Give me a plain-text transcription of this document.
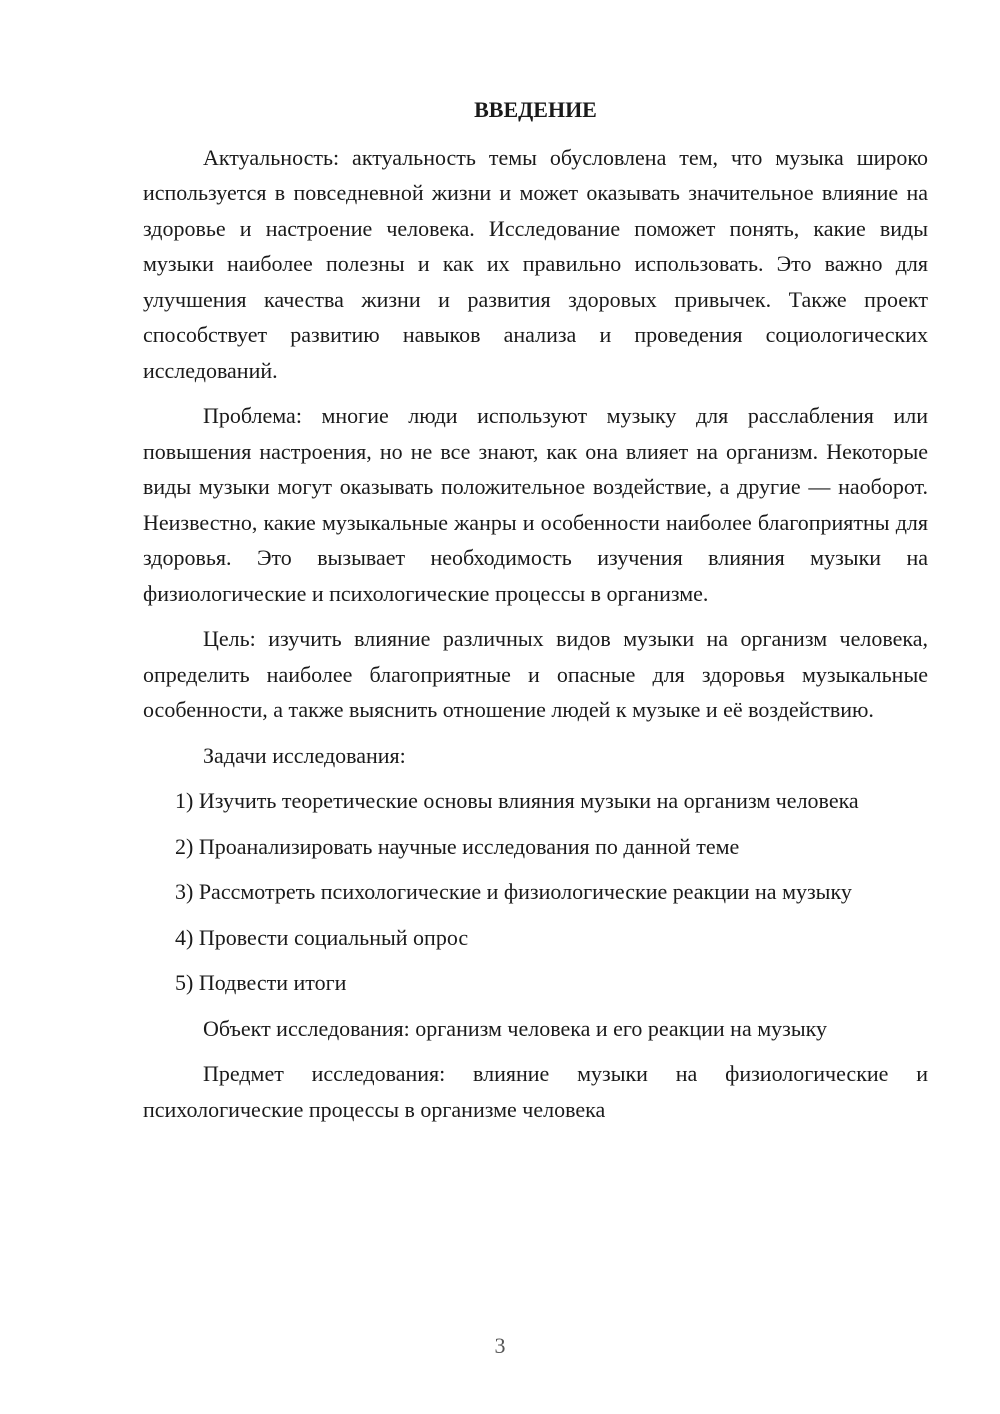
ВВЕДЕНИЕ

Актуальность: актуальность темы обусловлена тем, что музыка широко используется в повседневной жизни и может оказывать значительное влияние на здоровье и настроение человека. Исследование поможет понять, какие виды музыки наиболее полезны и как их правильно использовать. Это важно для улучшения качества жизни и развития здоровых привычек. Также проект способствует развитию навыков анализа и проведения социологических исследований.

Проблема: многие люди используют музыку для расслабления или повышения настроения, но не все знают, как она влияет на организм. Некоторые виды музыки могут оказывать положительное воздействие, а другие — наоборот. Неизвестно, какие музыкальные жанры и особенности наиболее благоприятны для здоровья. Это вызывает необходимость изучения влияния музыки на физиологические и психологические процессы в организме.

Цель: изучить влияние различных видов музыки на организм человека, определить наиболее благоприятные и опасные для здоровья музыкальные особенности, а также выяснить отношение людей к музыке и её воздействию.

Задачи исследования:

1) Изучить теоретические основы влияния музыки на организм человека

2) Проанализировать научные исследования по данной теме

3) Рассмотреть психологические и физиологические реакции на музыку

4) Провести социальный опрос

5) Подвести итоги

Объект исследования: организм человека и его реакции на музыку

Предмет исследования: влияние музыки на физиологические и психологические процессы в организме человека

3
